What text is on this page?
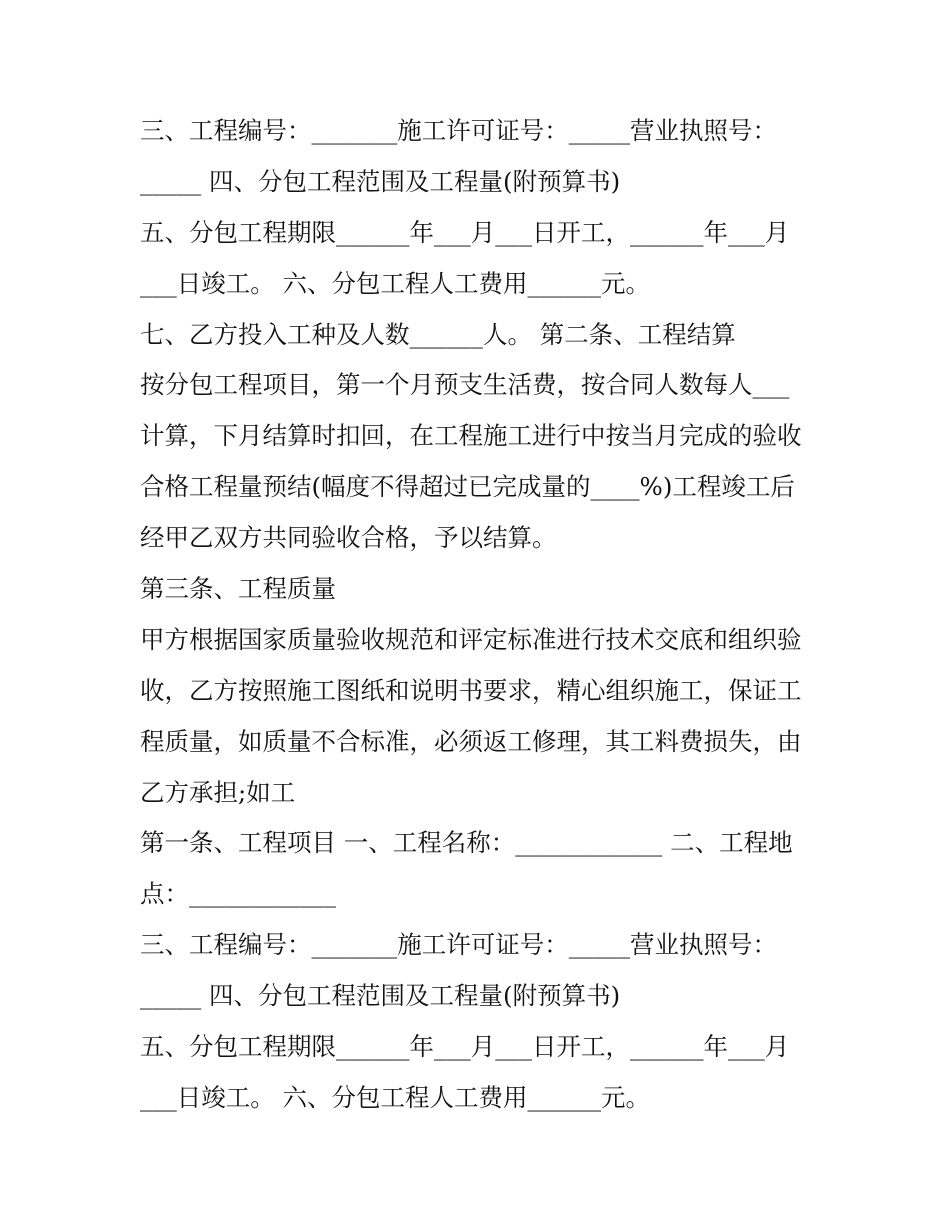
三、工程编号：_______施工许可证号：_____营业执照号：
_____ 四、分包工程范围及工程量(附预算书)
五、分包工程期限______年___月___日开工，______年___月
___日竣工。 六、分包工程人工费用______元。
七、乙方投入工种及人数______人。 第二条、工程结算
按分包工程项目，第一个月预支生活费，按合同人数每人___
计算，下月结算时扣回，在工程施工进行中按当月完成的验收
合格工程量预结(幅度不得超过已完成量的____%)工程竣工后
经甲乙双方共同验收合格，予以结算。
第三条、工程质量
甲方根据国家质量验收规范和评定标准进行技术交底和组织验
收，乙方按照施工图纸和说明书要求，精心组织施工，保证工
程质量，如质量不合标准，必须返工修理，其工料费损失，由
乙方承担;如工
第一条、工程项目 一、工程名称：____________ 二、工程地
点：____________
三、工程编号：_______施工许可证号：_____营业执照号：
_____ 四、分包工程范围及工程量(附预算书)
五、分包工程期限______年___月___日开工，______年___月
___日竣工。 六、分包工程人工费用______元。
